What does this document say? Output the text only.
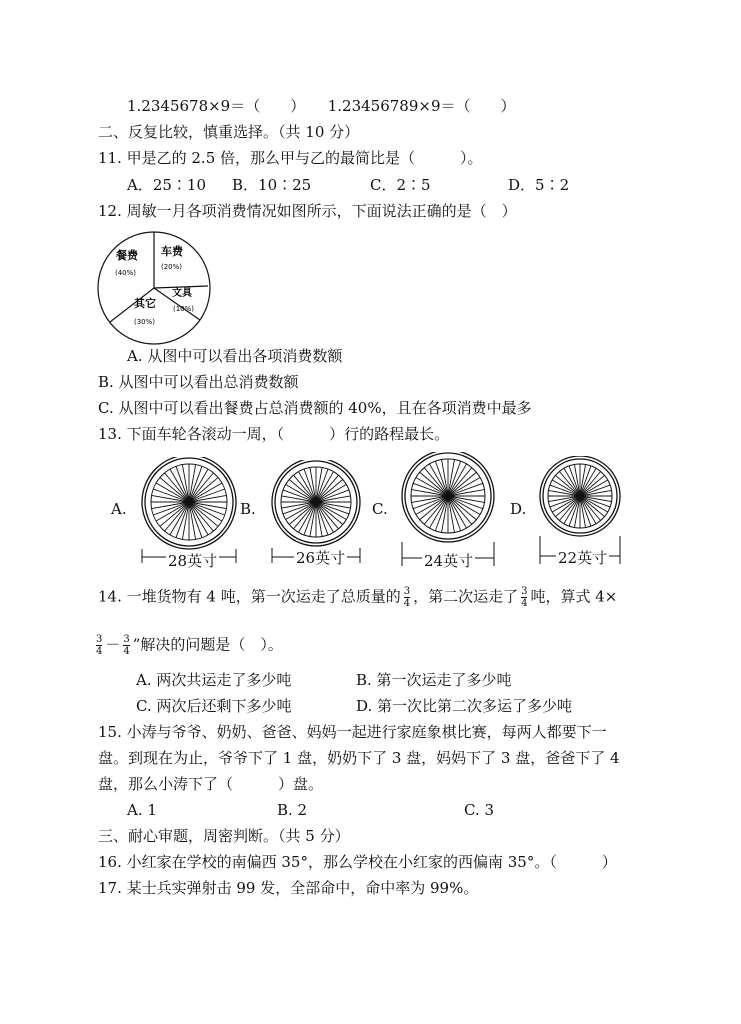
1.2345678×9＝（　　）　　1.23456789×9＝（　　）
二、反复比较，慎重选择。（共 10 分）
11. 甲是乙的 2.5 倍，那么甲与乙的最简比是（　　　）。
A．25∶10 B．10∶25	C．2∶5	D．5∶2
12. 周敏一月各项消费情况如图所示，下面说法正确的是（　）
餐费
(40%)
车费
(20%)
文具
(10%)
其它
(30%)
A. 从图中可以看出各项消费数额
B. 从图中可以看出总消费数额
C. 从图中可以看出餐费占总消费额的 40%，且在各项消费中最多
13. 下面车轮各滚动一周，（　　　）行的路程最长。
A.
28英寸
B.
26英寸
C.
24英寸
D.
22英寸
14. 一堆货物有 4 吨，第一次运走了总质量的 $\frac{3}{4}$ ，第二次运走了 $\frac{3}{4}$ 吨，算式 4×
$\frac{3}{4} - \frac{3}{4}$ ”解决的问题是（　）。
A. 两次共运走了多少吨	B. 第一次运走了多少吨
C. 两次后还剩下多少吨	D. 第一次比第二次多运了多少吨
15. 小涛与爷爷、奶奶、爸爸、妈妈一起进行家庭象棋比赛，每两人都要下一
盘。到现在为止，爷爷下了 1 盘，奶奶下了 3 盘，妈妈下了 3 盘，爸爸下了 4
盘，那么小涛下了（　　　）盘。
A. 1	B. 2	C. 3
三、耐心审题，周密判断。（共 5 分）
16. 小红家在学校的南偏西 35°，那么学校在小红家的西偏南 35°。（　　　）
17. 某士兵实弹射击 99 发，全部命中，命中率为 99%。
